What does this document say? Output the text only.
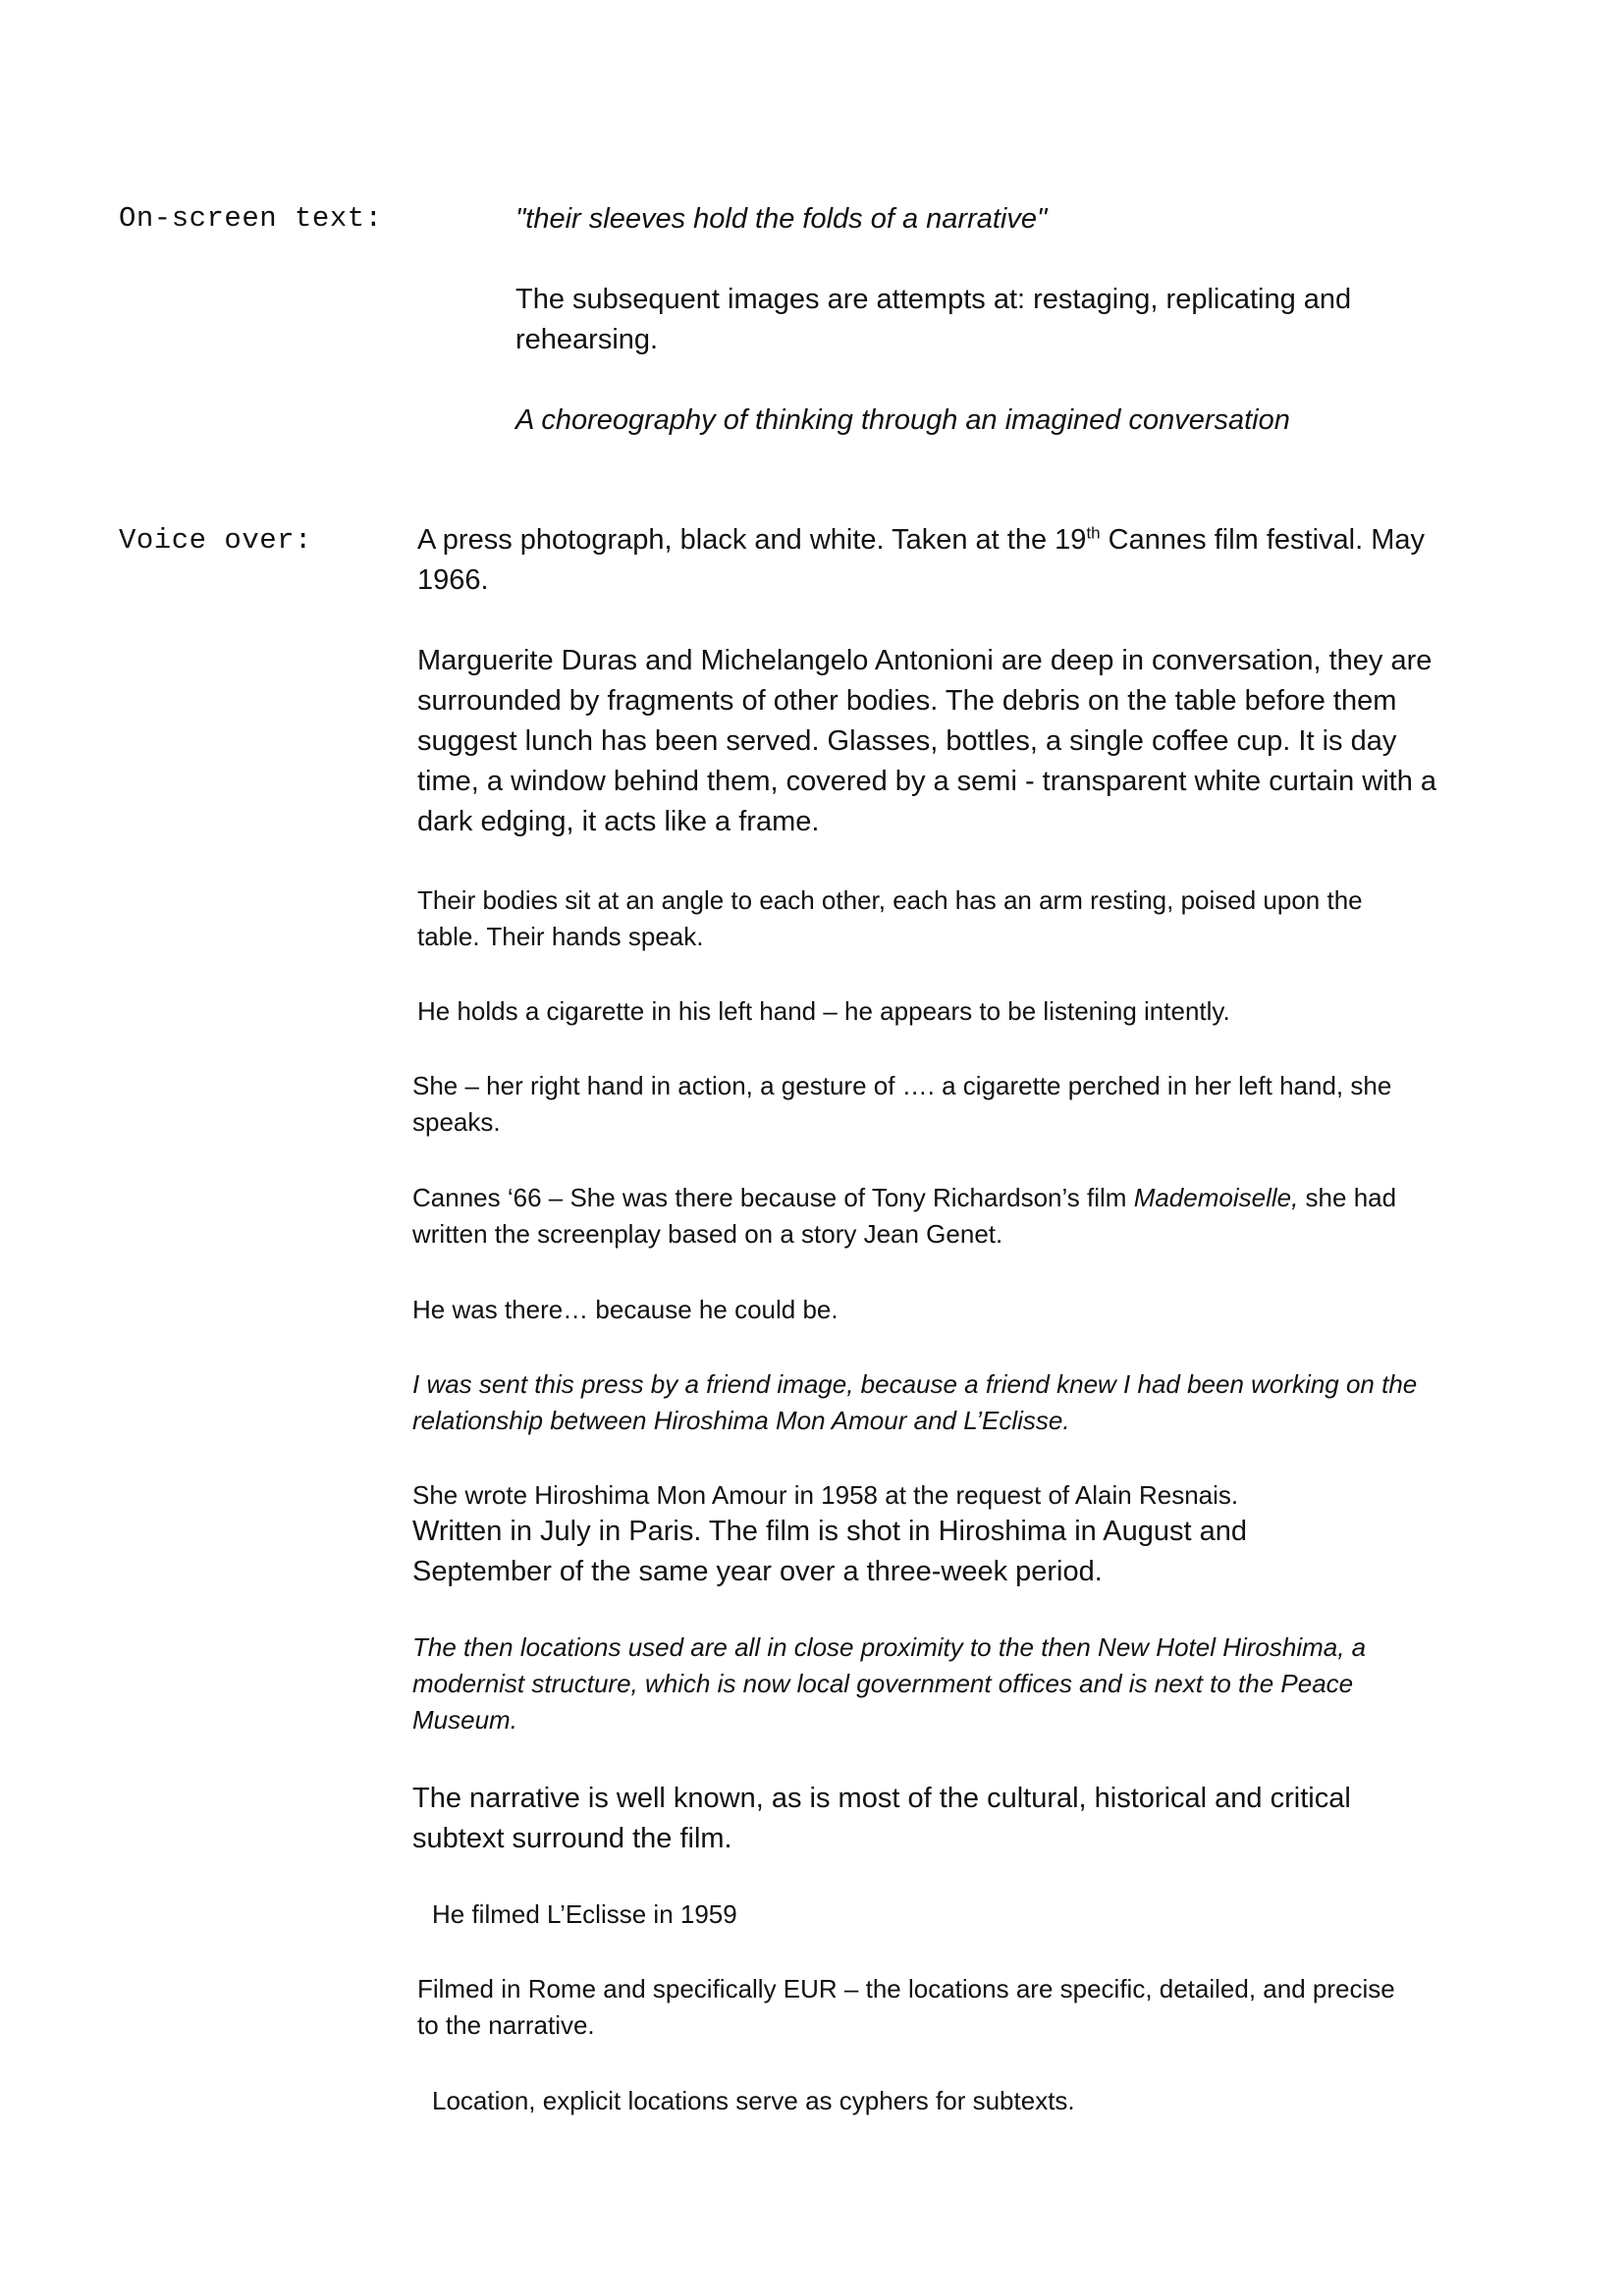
On-screen text:	"their sleeves hold the folds of a narrative"

The subsequent images are attempts at: restaging, replicating and rehearsing.

A choreography of thinking through an imagined conversation

Voice over:	A press photograph, black and white. Taken at the 19th Cannes film festival. May 1966.

Marguerite Duras and Michelangelo Antonioni are deep in conversation, they are surrounded by fragments of other bodies. The debris on the table before them suggest lunch has been served. Glasses, bottles, a single coffee cup. It is day time, a window behind them, covered by a semi - transparent white curtain with a dark edging, it acts like a frame.

Their bodies sit at an angle to each other, each has an arm resting, poised upon the table. Their hands speak.

He holds a cigarette in his left hand – he appears to be listening intently.

She – her right hand in action, a gesture of …. a cigarette perched in her left hand, she speaks.

Cannes ‘66 – She was there because of Tony Richardson’s film Mademoiselle, she had written the screenplay based on a story Jean Genet.

He was there… because he could be.

I was sent this press by a friend image, because a friend knew I had been working on the relationship between Hiroshima Mon Amour and L’Eclisse.

She wrote Hiroshima Mon Amour in 1958 at the request of Alain Resnais.

Written in July in Paris. The film is shot in Hiroshima in August and September of the same year over a three-week period.

The then locations used are all in close proximity to the then New Hotel Hiroshima, a modernist structure, which is now local government offices and is next to the Peace Museum.

The narrative is well known, as is most of the cultural, historical and critical subtext surround the film.

He filmed L’Eclisse in 1959

Filmed in Rome and specifically EUR – the locations are specific, detailed, and precise to the narrative.

Location, explicit locations serve as cyphers for subtexts.
